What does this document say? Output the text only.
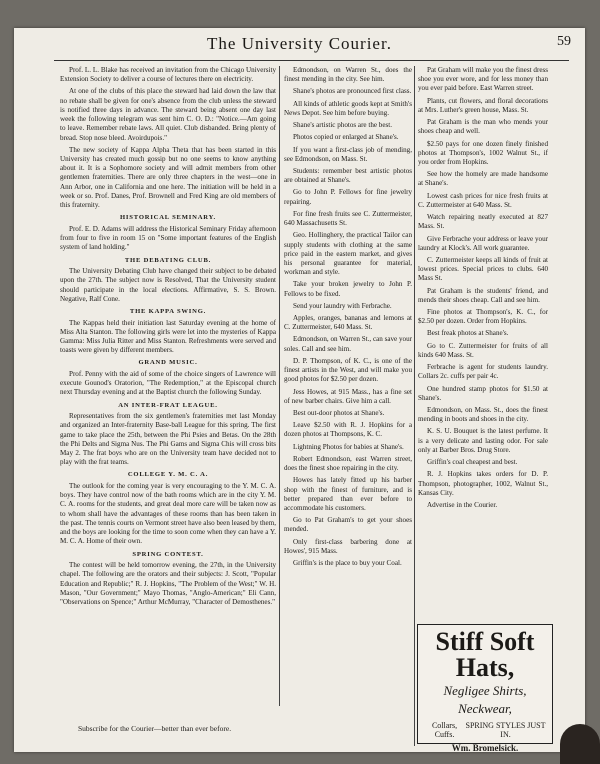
The University Courier.	59

Prof. L. L. Blake has received an invitation from the Chicago University Extension Society to deliver a course of lectures there on electricity.

At one of the clubs of this place the steward had laid down the law that no rebate shall be given for one's absence from the club unless the steward is notified three days in advance. The steward being absent one day last week the following telegram was sent him C. O. D.: "Notice.—Am going to leave. Remember rebate laws. All quiet. Club disbanded. Bring plenty of bread. Stop nose bleed. Avoirdupois."

The new society of Kappa Alpha Theta that has been started in this University has created much gossip but no one seems to know anything about it. It is a Sophomore society and will admit members from other gentlemen fraternities. There are only three chapters in the west—one in Ann Arbor, one in California and one here. The initiation will be held in a week or so. Prof. Danes, Prof. Brownell and Fred King are old members of this fraternity.

HISTORICAL SEMINARY.

Prof. E. D. Adams will address the Historical Seminary Friday afternoon from four to five in room 15 on "Some important features of the English system of land holding."

THE DEBATING CLUB.

The University Debating Club have changed their subject to be debated upon the 27th. The subject now is Resolved, That the University student should participate in the local elections. Affirmative, S. S. Brown. Negative, Ralf Cone.

THE KAPPA SWING.

The Kappas held their initiation last Saturday evening at the home of Miss Alta Stanton. The following girls were let into the mysteries of Kappa Gamma: Miss Julia Ritter and Miss Stanton. Refreshments were served and toasts were given by different members.

GRAND MUSIC.

Prof. Penny with the aid of some of the choice singers of Lawrence will execute Gounod's Oratorion, "The Redemption," at the Episcopal church next Thursday evening and at the Baptist church the following Sunday.

AN INTER-FRAT LEAGUE.

Representatives from the six gentlemen's fraternities met last Monday and organized an Inter-fraternity Base-ball League for this spring. The first game to take place the 25th, between the Phi Psies and Betas. On the 28th the Phi Delts and Sigma Nus. The Phi Gams and Sigma Chis will cross bits May 2. The frat boys who are on the University team have decided not to play with the frat teams.

COLLEGE Y. M. C. A.

The outlook for the coming year is very encouraging to the Y. M. C. A. boys. They have control now of the bath rooms which are in the city Y. M. C. A. rooms for the students, and great deal more care will be taken now as to whom shall have the advantages of these rooms than has been taken in the past. The tennis courts on Vermont street have also been leased by them, and the boys are looking for the time to soon come when they can have a Y. M. C. A. Home of their own.

SPRING CONTEST.

The contest will be held tomorrow evening, the 27th, in the University chapel. The following are the orators and their subjects: J. Scott, "Popular Education and Republic;" R. J. Hopkins, "The Problem of the West;" W. H. Mason, "Our Government;" Mayo Thomas, "Anglo-American;" Eli Cann, "Observations on Spence;" Arthur McMurray, "Character of Demosthenes."

Edmondson, on Warren St., does the finest mending in the city. See him.

Shane's photos are pronounced first class.

All kinds of athletic goods kept at Smith's News Depot. See him before buying.

Shane's artistic photos are the best.

Photos copied or enlarged at Shane's.

If you want a first-class job of mending, see Edmondson, on Mass. St.

Students: remember best artistic photos are obtained at Shane's.

Go to John P. Fellows for fine jewelry repairing.

For fine fresh fruits see C. Zuttermeister, 640 Massachusetts St.

Geo. Hollinghery, the practical Tailor can supply students with clothing at the same price paid in the eastern market, and gives his personal guarantee for material, workman and style.

Take your broken jewelry to John P. Fellows to be fixed.

Send your laundry with Ferbrache.

Apples, oranges, bananas and lemons at C. Zuttermeister, 640 Mass. St.

Edmondson, on Warren St., can save your soles. Call and see him.

D. P. Thompson, of K. C., is one of the finest artists in the West, and will make you good photos for $2.50 per dozen.

Jess Howes, at 915 Mass., has a fine set of new barber chairs. Give him a call.

Best out-door photos at Shane's.

Leave $2.50 with R. J. Hopkins for a dozen photos at Thompsons, K. C.

Lightning Photos for babies at Shane's.

Robert Edmondson, east Warren street, does the finest shoe repairing in the city.

Howes has lately fitted up his barber shop with the finest of furniture, and is better prepared than ever before to accommodate his customers.

Go to Pat Graham's to get your shoes mended.

Only first-class barbering done at Howes', 915 Mass.

Griffin's is the place to buy your Coal.

Pat Graham will make you the finest dress shoe you ever wore, and for less money than you ever paid before. East Warren street.

Plants, cut flowers, and floral decorations at Mrs. Luther's green house, Mass. St.

Pat Graham is the man who mends your shoes cheap and well.

$2.50 pays for one dozen finely finished photos at Thompson's, 1002 Walnut St., if you order from Hopkins.

See how the homely are made handsome at Shane's.

Lowest cash prices for nice fresh fruits at C. Zuttermeister at 640 Mass. St.

Watch repairing neatly executed at 827 Mass. St.

Give Ferbrache your address or leave your laundry at Klock's. All work guarantee.

C. Zuttermeister keeps all kinds of fruit at lowest prices. Special prices to clubs. 640 Mass St.

Pat Graham is the students' friend, and mends their shoes cheap. Call and see him.

Fine photos at Thompson's, K. C., for $2.50 per dozen. Order from Hopkins.

Best freak photos at Shane's.

Go to C. Zuttermeister for fruits of all kinds 640 Mass. St.

Ferbrache is agent for students laundry. Collars 2c. cuffs per pair 4c.

One hundred stamp photos for $1.50 at Shane's.

Edmondson, on Mass. St., does the finest mending in boots and shoes in the city.

K. S. U. Bouquet is the latest perfume. It is a very delicate and lasting odor. For sale only at Barber Bros. Drug Store.

Griffin's coal cheapest and best.

R. J. Hopkins takes orders for D. P. Thompson, photographer, 1002, Walnut St., Kansas City.

Advertise in the Courier.

Stiff Soft Hats,
Negligee Shirts,
Neckwear,
Collars, Cuffs.
SPRING STYLES JUST IN.
Wm. Bromelsick.
Subscribe for the Courier—better than ever before.
